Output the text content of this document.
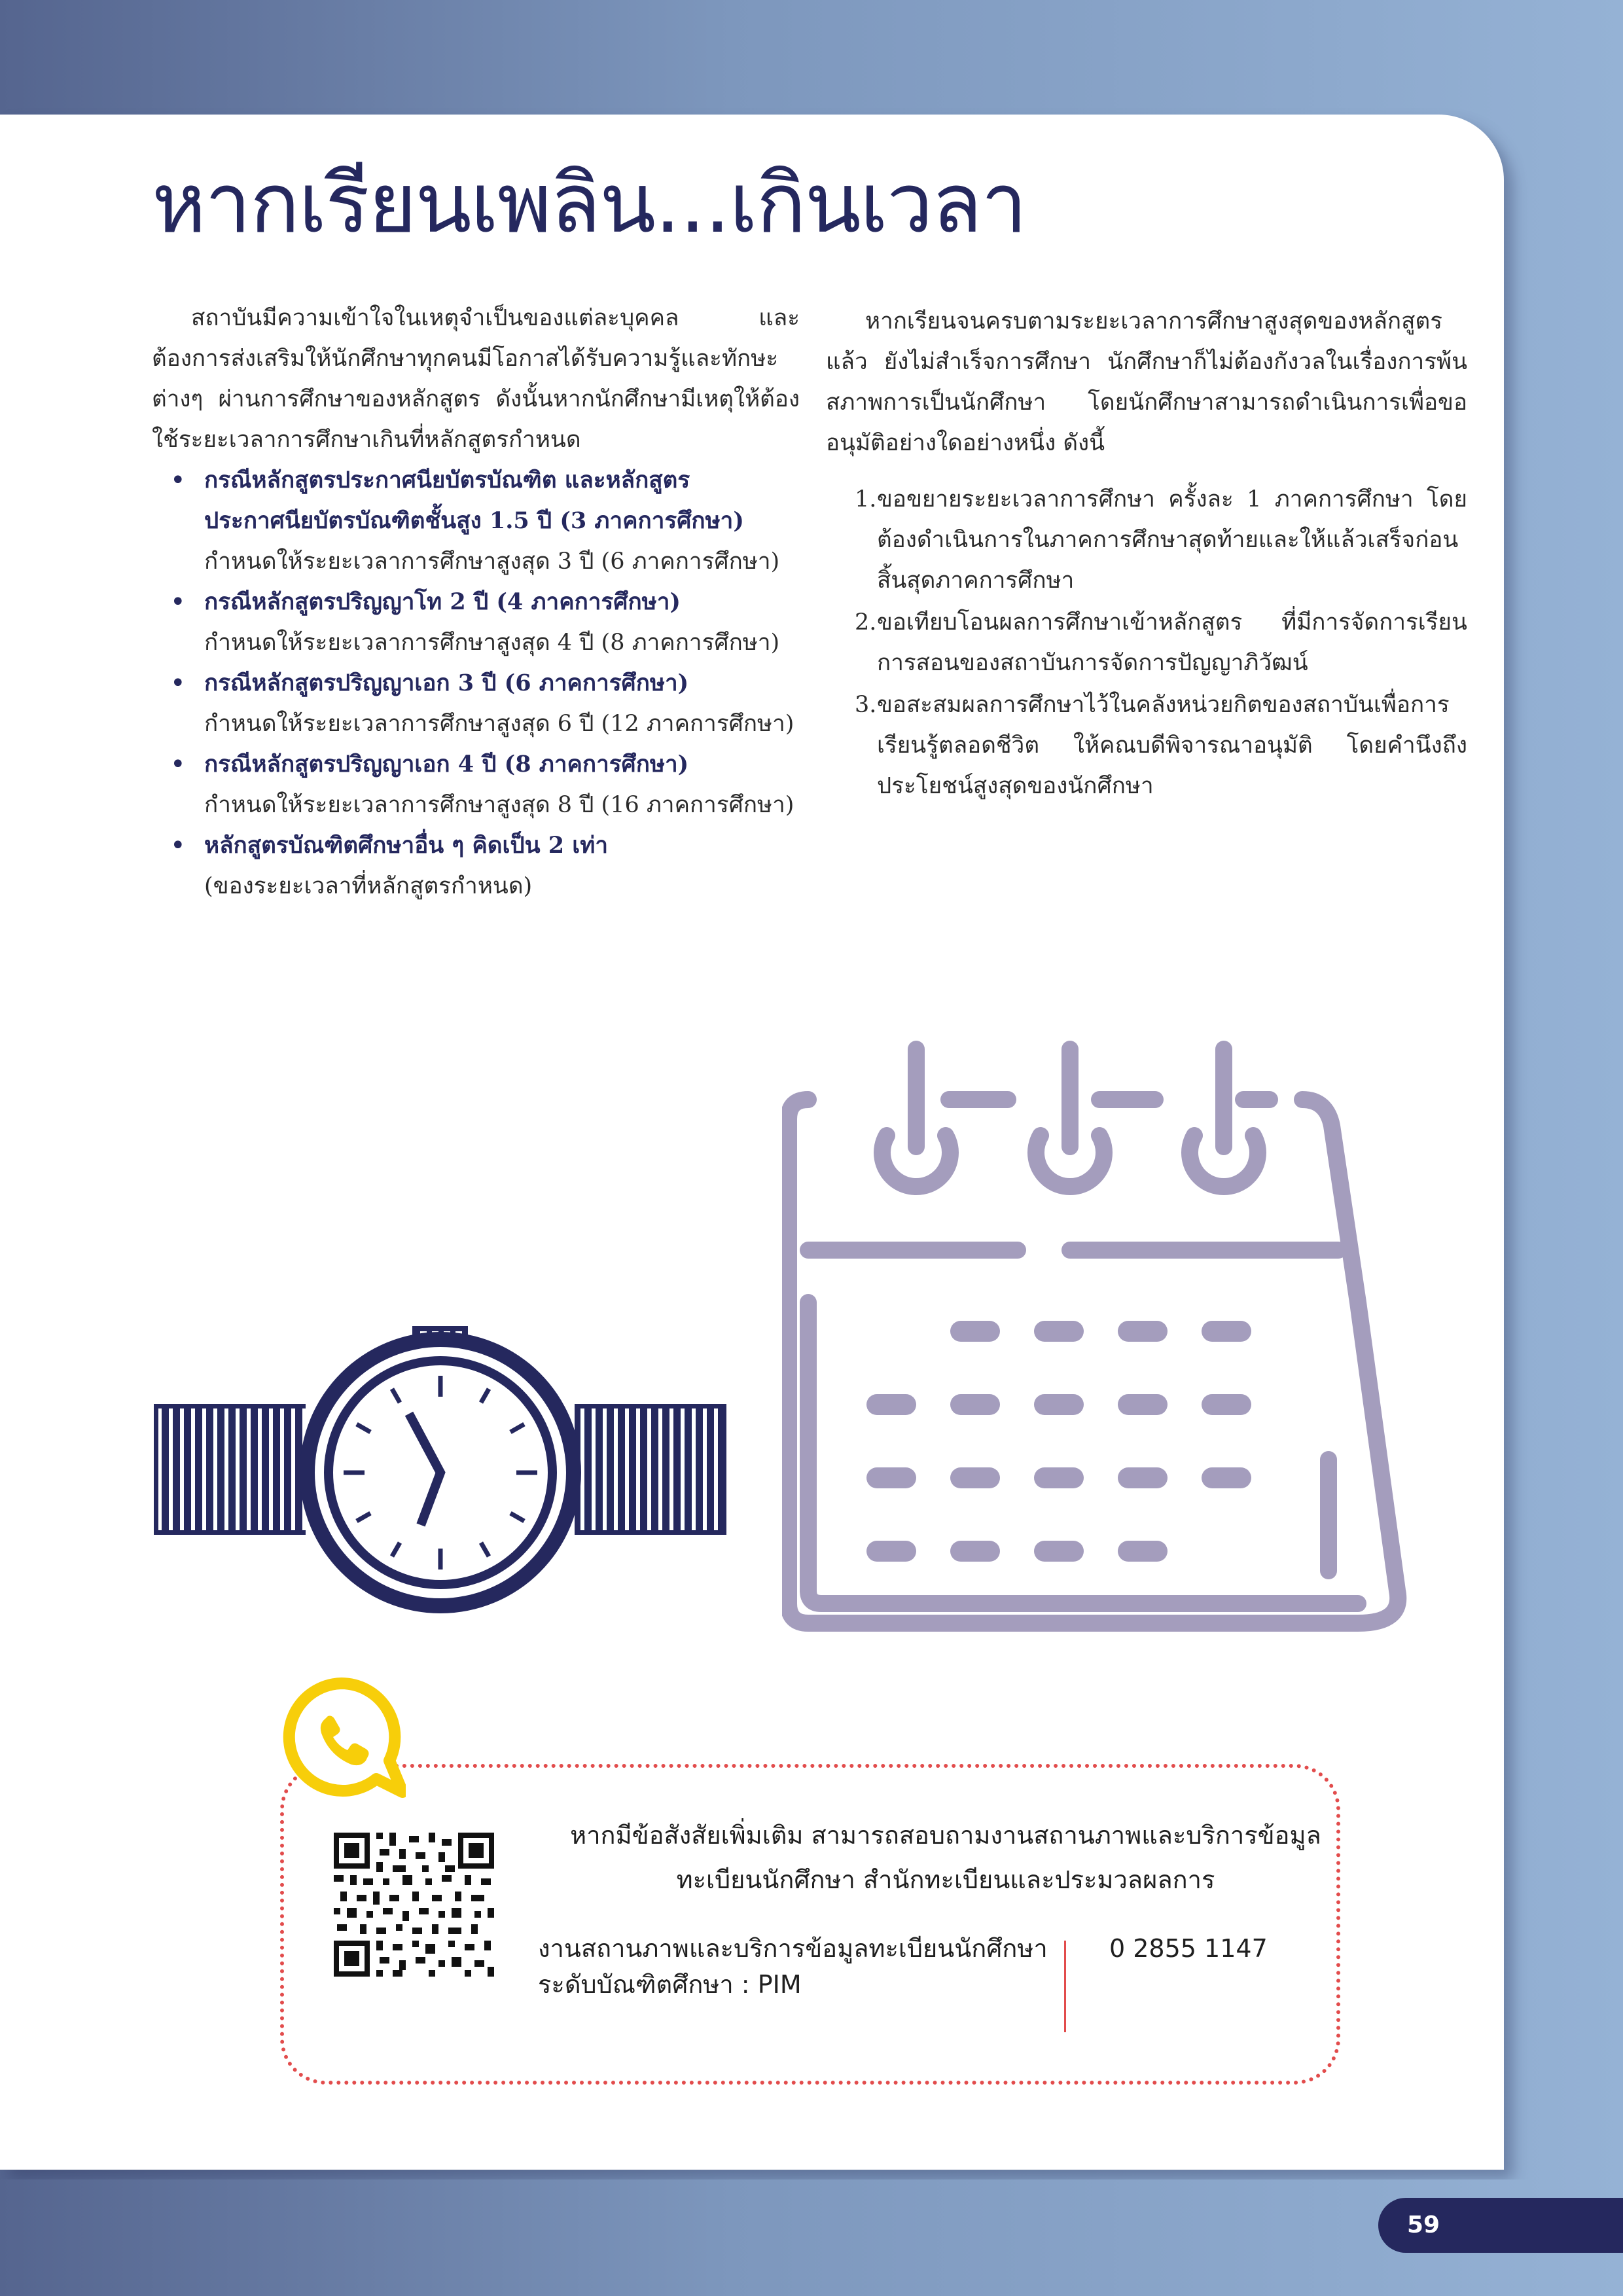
หากเรียนเพลิน...เกินเวลา

สถาบันมีความเข้าใจในเหตุจำเป็นของแต่ละบุคคล และต้องการส่งเสริมให้นักศึกษาทุกคนมีโอกาสได้รับความรู้และทักษะต่างๆ ผ่านการศึกษาของหลักสูตร ดังนั้นหากนักศึกษามีเหตุให้ต้องใช้ระยะเวลาการศึกษาเกินที่หลักสูตรกำหนด

• กรณีหลักสูตรประกาศนียบัตรบัณฑิต และหลักสูตรประกาศนียบัตรบัณฑิตชั้นสูง 1.5 ปี (3 ภาคการศึกษา)
กำหนดให้ระยะเวลาการศึกษาสูงสุด 3 ปี (6 ภาคการศึกษา)
• กรณีหลักสูตรปริญญาโท 2 ปี (4 ภาคการศึกษา)
กำหนดให้ระยะเวลาการศึกษาสูงสุด 4 ปี (8 ภาคการศึกษา)
• กรณีหลักสูตรปริญญาเอก 3 ปี (6 ภาคการศึกษา)
กำหนดให้ระยะเวลาการศึกษาสูงสุด 6 ปี (12 ภาคการศึกษา)
• กรณีหลักสูตรปริญญาเอก 4 ปี (8 ภาคการศึกษา)
กำหนดให้ระยะเวลาการศึกษาสูงสุด 8 ปี (16 ภาคการศึกษา)
• หลักสูตรบัณฑิตศึกษาอื่น ๆ คิดเป็น 2 เท่า
(ของระยะเวลาที่หลักสูตรกำหนด)

หากเรียนจนครบตามระยะเวลาการศึกษาสูงสุดของหลักสูตรแล้ว ยังไม่สำเร็จการศึกษา นักศึกษาก็ไม่ต้องกังวลในเรื่องการพ้นสภาพการเป็นนักศึกษา โดยนักศึกษาสามารถดำเนินการเพื่อขออนุมัติอย่างใดอย่างหนึ่ง ดังนี้

1. ขอขยายระยะเวลาการศึกษา ครั้งละ 1 ภาคการศึกษา โดยต้องดำเนินการในภาคการศึกษาสุดท้ายและให้แล้วเสร็จก่อนสิ้นสุดภาคการศึกษา
2. ขอเทียบโอนผลการศึกษาเข้าหลักสูตร ที่มีการจัดการเรียนการสอนของสถาบันการจัดการปัญญาภิวัฒน์
3. ขอสะสมผลการศึกษาไว้ในคลังหน่วยกิตของสถาบันเพื่อการเรียนรู้ตลอดชีวิต ให้คณบดีพิจารณาอนุมัติ โดยคำนึงถึงประโยชน์สูงสุดของนักศึกษา
หากมีข้อสังสัยเพิ่มเติม สามารถสอบถามงานสถานภาพและบริการข้อมูล
ทะเบียนนักศึกษา สำนักทะเบียนและประมวลผลการ
งานสถานภาพและบริการข้อมูลทะเบียนนักศึกษา
ระดับบัณฑิตศึกษา : PIM
0 2855 1147
59
